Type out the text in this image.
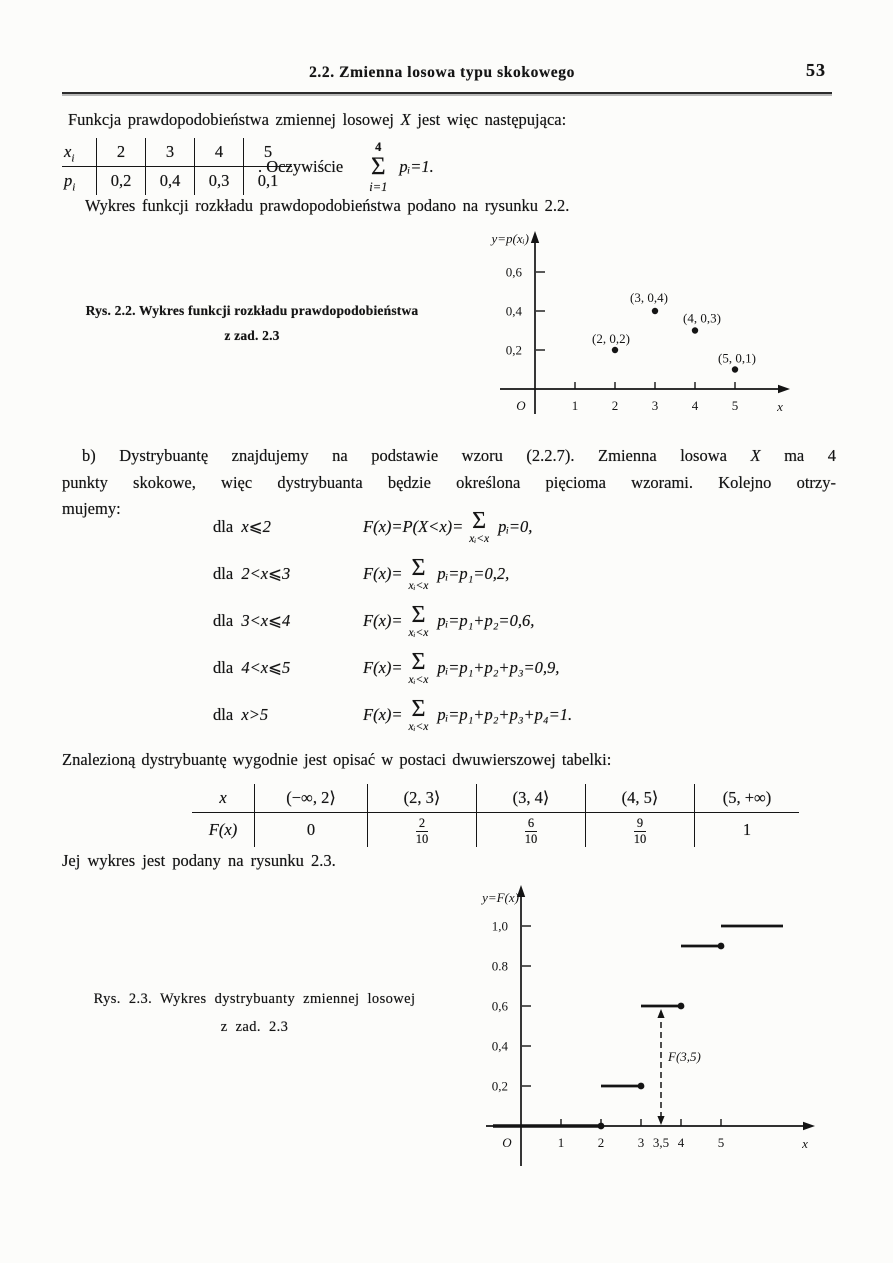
2.2. Zmienna losowa typu skokowego	53

Funkcja prawdopodobieństwa zmiennej losowej X jest więc następująca:

$x_i$	2	3	4	5
$p_i$	0,2	0,4	0,3	0,1
. Oczywiście
4
Σ
i=1
pᵢ=1.

Wykres funkcji rozkładu prawdopodobieństwa podano na rysunku 2.2.

1	2	3	4	5
0,2
0,4
0,6
y=p(xᵢ)
O	x
(2, 0,2)
(3, 0,4)
(4, 0,3)
(5, 0,1)
Rys. 2.2. Wykres funkcji rozkładu prawdopodobieństwa
z zad. 2.3
b) Dystrybuantę znajdujemy na podstawie wzoru (2.2.7). Zmienna losowa X ma 4
punkty skokowe, więc dystrybuanta będzie określona pięcioma wzorami. Kolejno otrzy-
mujemy:
dla x⩽2	F(x)=P(X<x)= Σ
xᵢ<x
pᵢ=0,
dla 2<x⩽3	F(x)= Σ
xᵢ<x
pᵢ=p₁=0,2,
dla 3<x⩽4	F(x)= Σ
xᵢ<x
pᵢ=p₁+p₂=0,6,
dla 4<x⩽5	F(x)= Σ
xᵢ<x
pᵢ=p₁+p₂+p₃=0,9,
dla x>5	F(x)= Σ
xᵢ<x
pᵢ=p₁+p₂+p₃+p₄=1.

Znalezioną dystrybuantę wygodnie jest opisać w postaci dwuwierszowej tabelki:

x	(−∞, 2⟩	(2, 3⟩	(3, 4⟩	(4, 5⟩	(5, +∞)
F(x)	0	$\frac{2}{10}$	$\frac{6}{10}$	$\frac{9}{10}$	1

Jej wykres jest podany na rysunku 2.3.

1	2	3 3,5 4	5
0,2
0,4
0,6
0.8
1,0
y=F(x)
O	x
F(3,5)
Rys. 2.3. Wykres dystrybuanty zmiennej losowej
z zad. 2.3
